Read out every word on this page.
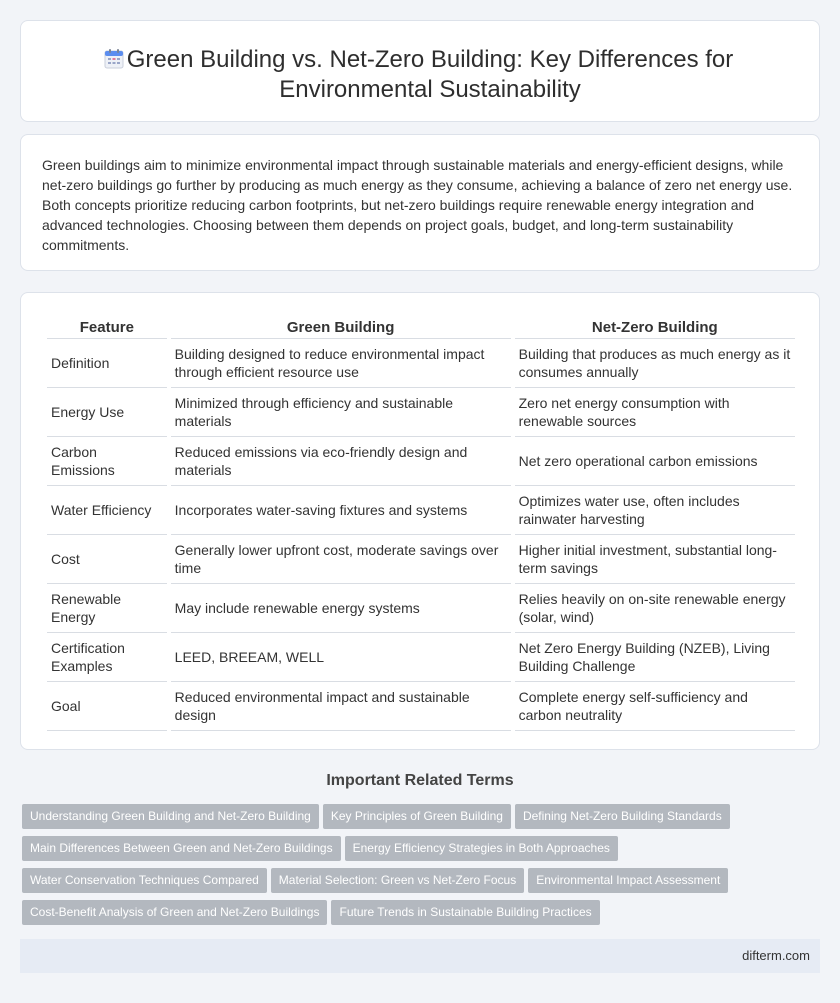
Green Building vs. Net-Zero Building: Key Differences for Environmental Sustainability

Green buildings aim to minimize environmental impact through sustainable materials and energy-efficient designs, while net-zero buildings go further by producing as much energy as they consume, achieving a balance of zero net energy use. Both concepts prioritize reducing carbon footprints, but net-zero buildings require renewable energy integration and advanced technologies. Choosing between them depends on project goals, budget, and long-term sustainability commitments.

Feature	Green Building	Net-Zero Building
Definition	Building designed to reduce environmental impact through efficient resource use	Building that produces as much energy as it consumes annually
Energy Use	Minimized through efficiency and sustainable materials	Zero net energy consumption with renewable sources
Carbon Emissions	Reduced emissions via eco-friendly design and materials	Net zero operational carbon emissions
Water Efficiency	Incorporates water-saving fixtures and systems	Optimizes water use, often includes rainwater harvesting
Cost	Generally lower upfront cost, moderate savings over time	Higher initial investment, substantial long-term savings
Renewable Energy	May include renewable energy systems	Relies heavily on on-site renewable energy (solar, wind)
Certification Examples	LEED, BREEAM, WELL	Net Zero Energy Building (NZEB), Living Building Challenge
Goal	Reduced environmental impact and sustainable design	Complete energy self-sufficiency and carbon neutrality
Important Related Terms
Understanding Green Building and Net-Zero Building Key Principles of Green Building Defining Net-Zero Building Standards
Main Differences Between Green and Net-Zero Buildings Energy Efficiency Strategies in Both Approaches
Water Conservation Techniques Compared Material Selection: Green vs Net-Zero Focus Environmental Impact Assessment
Cost-Benefit Analysis of Green and Net-Zero Buildings Future Trends in Sustainable Building Practices
difterm.com
